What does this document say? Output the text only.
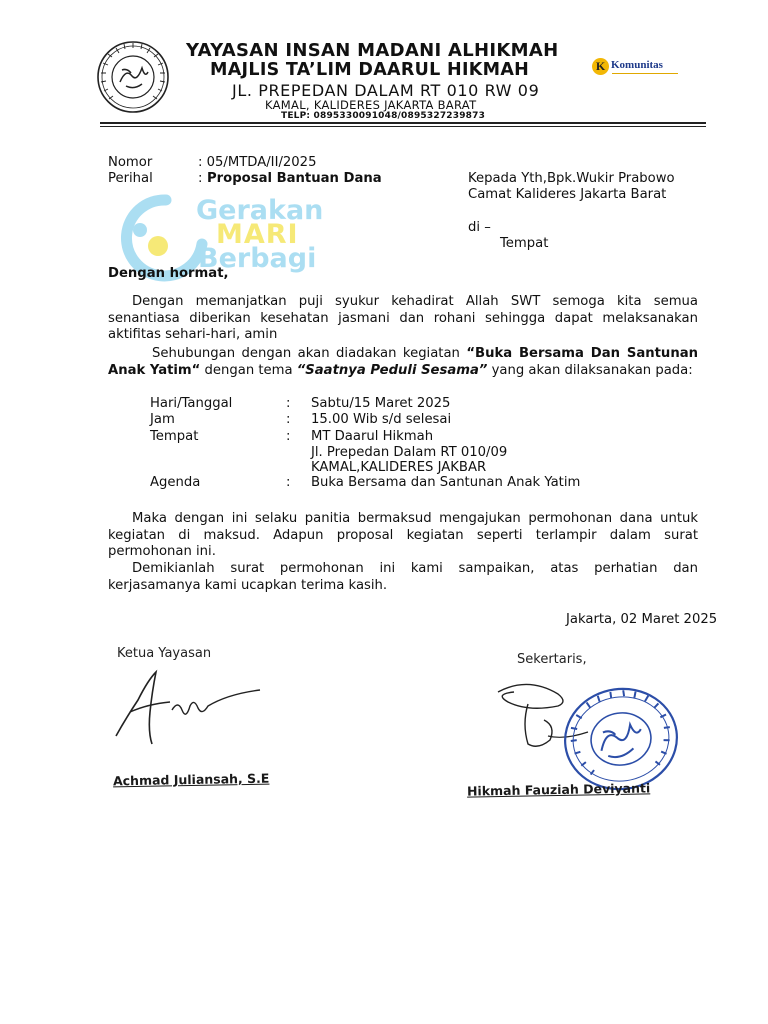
YAYASAN INSAN MADANI ALHIKMAH
MAJLIS TA’LIM DAARUL HIKMAH
JL. PREPEDAN DALAM RT 010 RW 09
KAMAL, KALIDERES JAKARTA BARAT
TELP: 0895330091048/0895327239873
K Komunitas
Gerakan
MARI
Berbagi
Nomor	: 05/MTDA/II/2025
Perihal	: Proposal Bantuan Dana	Kepada Yth,Bpk.Wukir Prabowo
Camat Kalideres Jakarta Barat
di –
Tempat
Dengan hormat,

Dengan memanjatkan puji syukur kehadirat Allah SWT semoga kita semua senantiasa diberikan kesehatan jasmani dan rohani sehingga dapat melaksanakan aktifitas sehari-hari, amin

Sehubungan dengan akan diadakan kegiatan “Buka Bersama Dan Santunan Anak Yatim“ dengan tema “Saatnya Peduli Sesama” yang akan dilaksanakan pada:

Hari/Tanggal	: Sabtu/15 Maret 2025
Jam	: 15.00 Wib s/d selesai
Tempat	: MT Daarul Hikmah
Jl. Prepedan Dalam RT 010/09
KAMAL,KALIDERES JAKBAR
Agenda	: Buka Bersama dan Santunan Anak Yatim

Maka dengan ini selaku panitia bermaksud mengajukan permohonan dana untuk kegiatan di maksud. Adapun proposal kegiatan seperti terlampir dalam surat permohonan ini.

Demikianlah surat permohonan ini kami sampaikan, atas perhatian dan kerjasamanya kami ucapkan terima kasih.

Jakarta, 02 Maret 2025
Ketua Yayasan
Achmad Juliansah, S.E
Sekertaris,
Hikmah Fauziah Deviyanti
